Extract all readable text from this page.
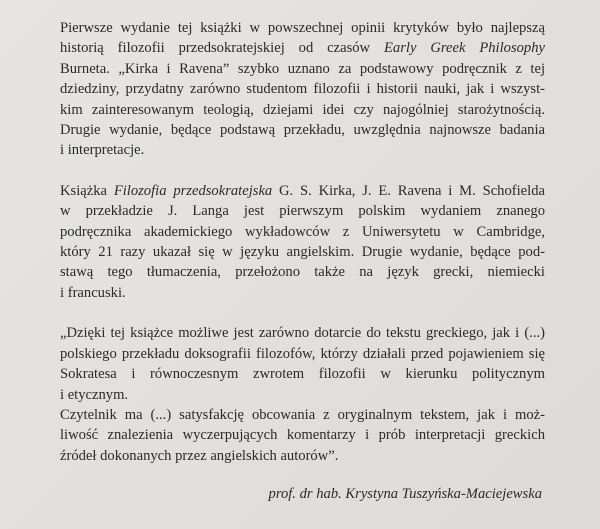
Pierwsze wydanie tej książki w powszechnej opinii krytyków było najlepszą
historią filozofii przedsokratejskiej od czasów Early Greek Philosophy
Burneta. „Kirka i Ravena” szybko uznano za podstawowy podręcznik z tej
dziedziny, przydatny zarówno studentom filozofii i historii nauki, jak i wszyst-
kim zainteresowanym teologią, dziejami idei czy najogólniej starożytnością.
Drugie wydanie, będące podstawą przekładu, uwzględnia najnowsze badania
i interpretacje.

Książka Filozofia przedsokratejska G. S. Kirka, J. E. Ravena i M. Schofielda
w przekładzie J. Langa jest pierwszym polskim wydaniem znanego
podręcznika akademickiego wykładowców z Uniwersytetu w Cambridge,
który 21 razy ukazał się w języku angielskim. Drugie wydanie, będące pod-
stawą tego tłumaczenia, przełożono także na język grecki, niemiecki
i francuski.

„Dzięki tej książce możliwe jest zarówno dotarcie do tekstu greckiego, jak i (...)
polskiego przekładu doksografii filozofów, którzy działali przed pojawieniem się
Sokratesa i równoczesnym zwrotem filozofii w kierunku politycznym
i etycznym.
Czytelnik ma (...) satysfakcję obcowania z oryginalnym tekstem, jak i moż-
liwość znalezienia wyczerpujących komentarzy i prób interpretacji greckich
źródeł dokonanych przez angielskich autorów”.

prof. dr hab. Krystyna Tuszyńska-Maciejewska
